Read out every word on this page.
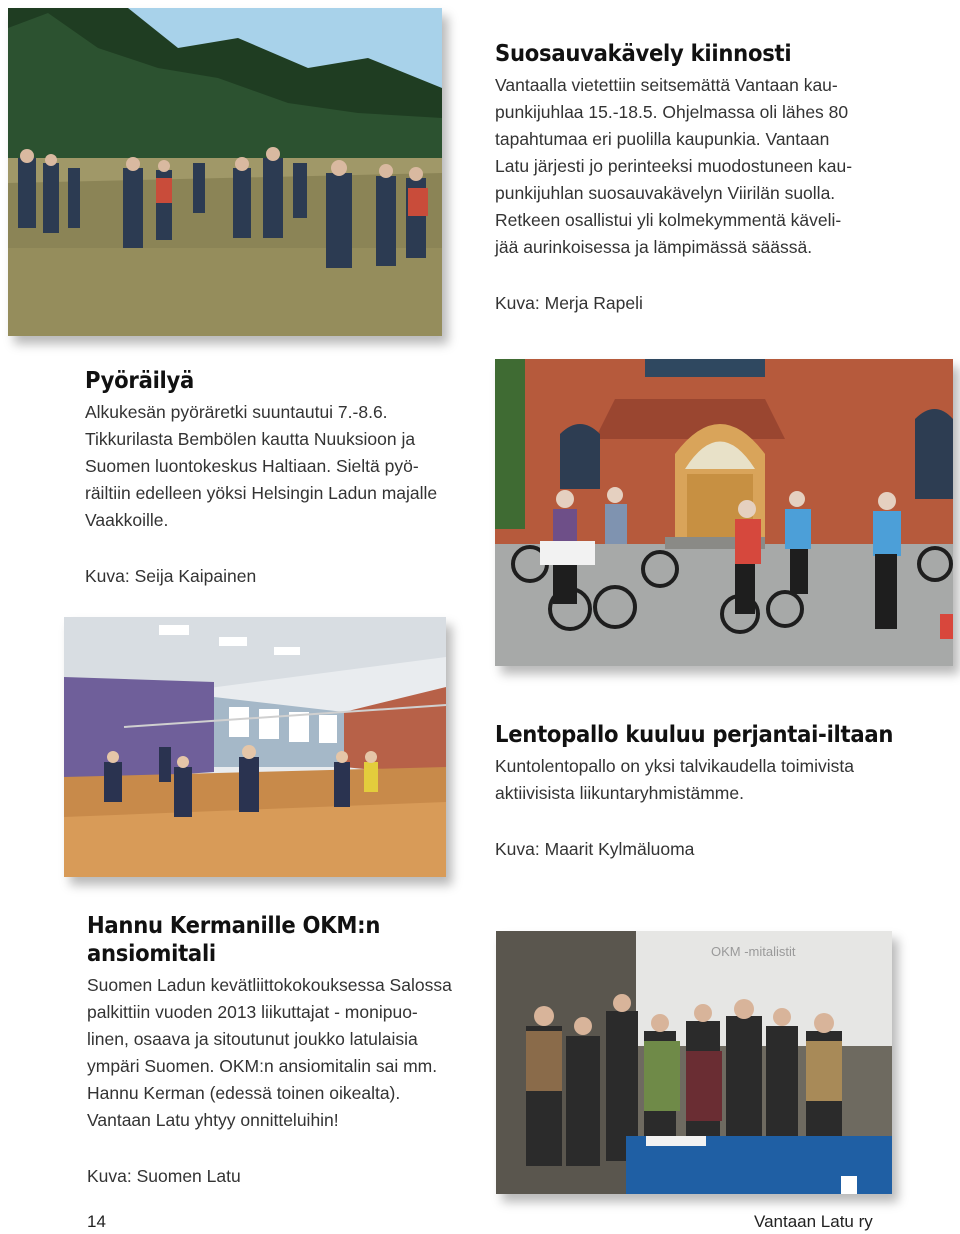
Suosauvakävely kiinnosti
Vantaalla vietettiin seitsemättä Vantaan kau-
punkijuhlaa 15.-18.5. Ohjelmassa oli lähes 80
tapahtumaa eri puolilla kaupunkia. Vantaan
Latu järjesti jo perinteeksi muodostuneen kau-
punkijuhlan suosauvakävelyn Viirilän suolla.
Retkeen osallistui yli kolmekymmentä käveli-
jää aurinkoisessa ja lämpimässä säässä.
Kuva: Merja Rapeli
Pyöräilyä
Alkukesän pyöräretki suuntautui 7.-8.6.
Tikkurilasta Bembölen kautta Nuuksioon ja
Suomen luontokeskus Haltiaan. Sieltä pyö-
räiltiin edelleen yöksi Helsingin Ladun majalle
Vaakkoille.
Kuva: Seija Kaipainen
Lentopallo kuuluu perjantai-iltaan
Kuntolentopallo on yksi talvikaudella toimivista
aktiivisista liikuntaryhmistämme.
Kuva: Maarit Kylmäluoma
Hannu Kermanille OKM:n
ansiomitali
Suomen Ladun kevätliittokokouksessa Salossa
palkittiin vuoden 2013 liikuttajat - monipuo-
linen, osaava ja sitoutunut joukko latulaisia
ympäri Suomen. OKM:n ansiomitalin sai mm.
Hannu Kerman (edessä toinen oikealta).
Vantaan Latu yhtyy onnitteluihin!
Kuva: Suomen Latu
OKM -mitalistit
14	Vantaan Latu ry
